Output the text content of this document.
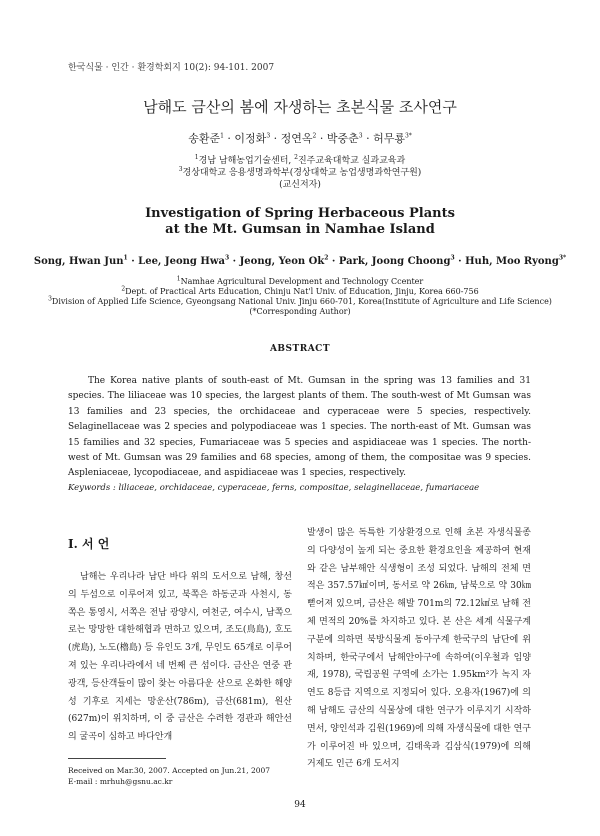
한국식물 · 인간 · 환경학회지 10(2): 94-101. 2007
남해도 금산의 봄에 자생하는 초본식물 조사연구
송환준$^1$ · 이정화$^3$ · 정연옥$^2$ · 박중춘$^3$ · 허무룡$^{3*}$
$^1$경남 남해농업기술센터, $^2$진주교육대학교 실과교육과
$^3$경상대학교 응용생명과학부(경상대학교 농업생명과학연구원)
(교신저자)
Investigation of Spring Herbaceous Plants
at the Mt. Gumsan in Namhae Island
Song, Hwan Jun$^1$ · Lee, Jeong Hwa$^3$ · Jeong, Yeon $Ok^2$ · Park, Joong Choong$^3$ · Huh, Moo Ryong$^{3*}$
$^1$Namhae Agricultural Development and Technology Ccenter
$^2$Dept. of Practical Arts Education, Chinju Nat'l Univ. of Education, Jinju, Korea 660-756
$^3$Division of Applied Life Science, Gyeongsang National Univ. Jinju 660-701, Korea(Institute of Agriculture and Life Science)
(*Corresponding Author)
ABSTRACT

The Korea native plants of south-east of Mt. Gumsan in the spring was 13 families and 31 species. The liliaceae was 10 species, the largest plants of them. The south-west of Mt Gumsan was 13 families and 23 species, the orchidaceae and cyperaceae were 5 species, respectively. Selaginellaceae was 2 species and polypodiaceae was 1 species. The north-east of Mt. Gumsan was 15 families and 32 species, Fumariaceae was 5 species and aspidiaceae was 1 species. The north-west of Mt. Gumsan was 29 families and 68 species, among of them, the compositae was 9 species. Aspleniaceae, lycopodiaceae, and aspidiaceae was 1 species, respectively.

Keywords : liliaceae, orchidaceae, cyperaceae, ferns, compositae, selaginellaceae, fumariaceae
I. 서 언

남해는 우리나라 남단 바다 위의 도서으로 남해, 창선의 두섬으로 이루어져 있고, 북쪽은 하동군과 사천시, 동쪽은 통영시, 서쪽은 전남 광양시, 여천군, 여수시, 남쪽으로는 망망한 대한해협과 면하고 있으며, 조도(鳥島), 호도(虎島), 노도(櫓島) 등 유인도 3개, 무인도 65개로 이루어져 있는 우리나라에서 네 번째 큰 섬이다. 금산은 연중 관광객, 등산객들이 많이 찾는 아름다운 산으로 온화한 해양성 기후로 지세는 망운산(786m), 금산(681m), 원산(627m)이 위치하며, 이 중 금산은 수려한 경관과 해안선의 굴곡이 심하고 바다안개

발생이 많은 독특한 기상환경으로 인해 초본 자생식물종의 다양성이 높게 되는 중요한 환경요인을 제공하여 현재와 같은 남부해안 식생형이 조성 되었다. 남해의 전체 면적은 357.57㎢이며, 동서로 약 26㎞, 남북으로 약 30㎞ 뻗어져 있으며, 금산은 해발 701m의 72.12㎢로 남해 전체 면적의 20%를 차지하고 있다. 본 산은 세계 식물구계 구분에 의하면 북방식물계 동아구계 한국구의 남단에 위치하며, 한국구에서 남해안아구에 속하여(이우철과 임양재, 1978), 국립공원 구역에 소가는 1.95km²가 녹지 자연도 8등급 지역으로 지정되어 있다. 오용자(1967)에 의해 남해도 금산의 식물상에 대한 연구가 이루지기 시작하면서, 양인석과 김원(1969)에 의해 자생식물에 대한 연구가 이루어진 바 있으며, 김태욱과 김삼식(1979)에 의해 거제도 인근 6개 도서지

Received on Mar.30, 2007. Accepted on Jun.21, 2007
E-mail : mrhuh@gsnu.ac.kr
94
